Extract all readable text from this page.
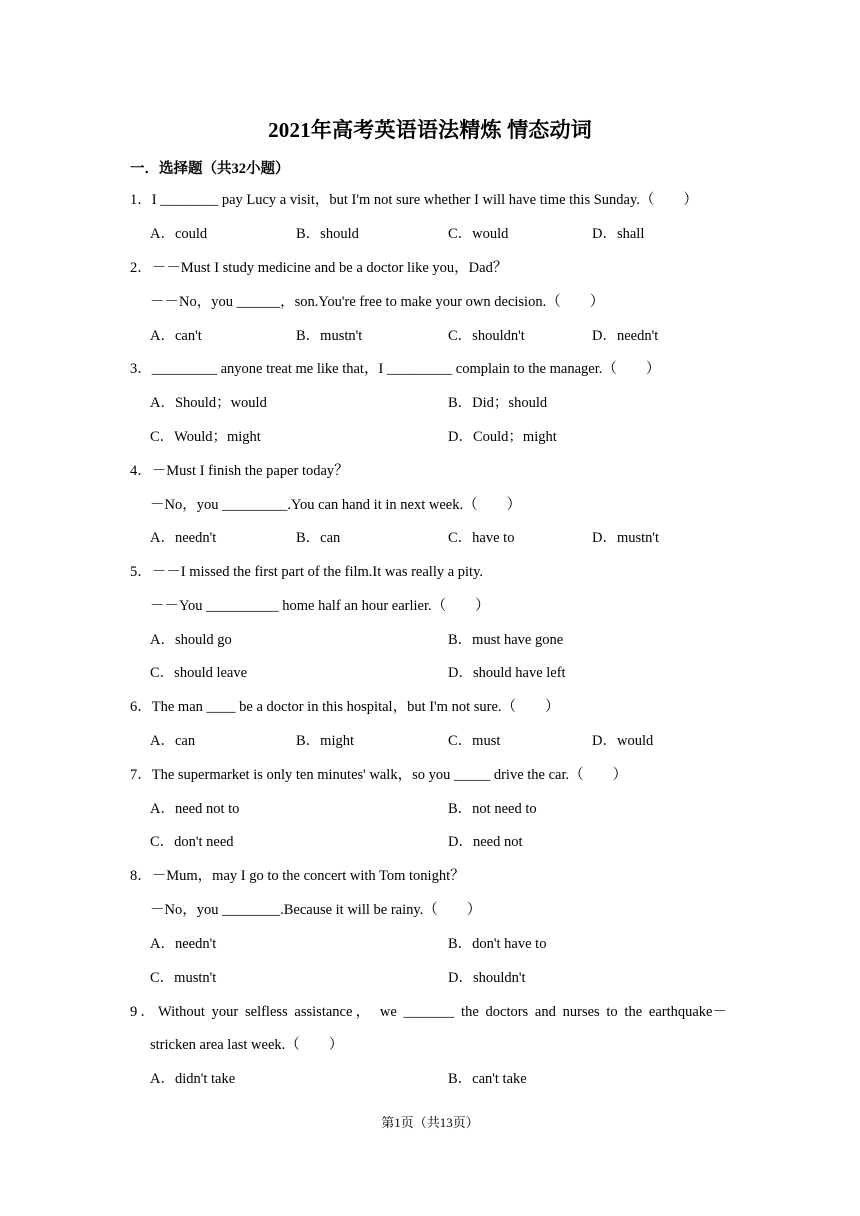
2021年高考英语语法精炼 情态动词
一．选择题（共32小题）
1．I ________ pay Lucy a visit，but I'm not sure whether I will have time this Sunday.（　　）
A．could	B．should	C．would	D．shall
2．－－Must I study medicine and be a doctor like you，Dad？
－－No，you ______，son.You're free to make your own decision.（　　）
A．can't	B．mustn't	C．shouldn't	D．needn't
3．_________ anyone treat me like that，I _________ complain to the manager.（　　）
A．Should；would	B．Did；should
C．Would；might	D．Could；might
4．－Must I finish the paper today？
－No，you _________.You can hand it in next week.（　　）
A．needn't	B．can	C．have to	D．mustn't
5．－－I missed the first part of the film.It was really a pity.
－－You __________ home half an hour earlier.（　　）
A．should go	B．must have gone
C．should leave	D．should have left
6．The man ____ be a doctor in this hospital，but I'm not sure.（　　）
A．can	B．might	C．must	D．would
7．The supermarket is only ten minutes' walk，so you _____ drive the car.（　　）
A．need not to	B．not need to
C．don't need	D．need not
8．－Mum，may I go to the concert with Tom tonight？
－No，you ________.Because it will be rainy.（　　）
A．needn't	B．don't have to
C．mustn't	D．shouldn't
9．Without your selfless assistance， we _______ the doctors and nurses to the earthquake－
stricken area last week.（　　）
A．didn't take	B．can't take
第1页（共13页）
